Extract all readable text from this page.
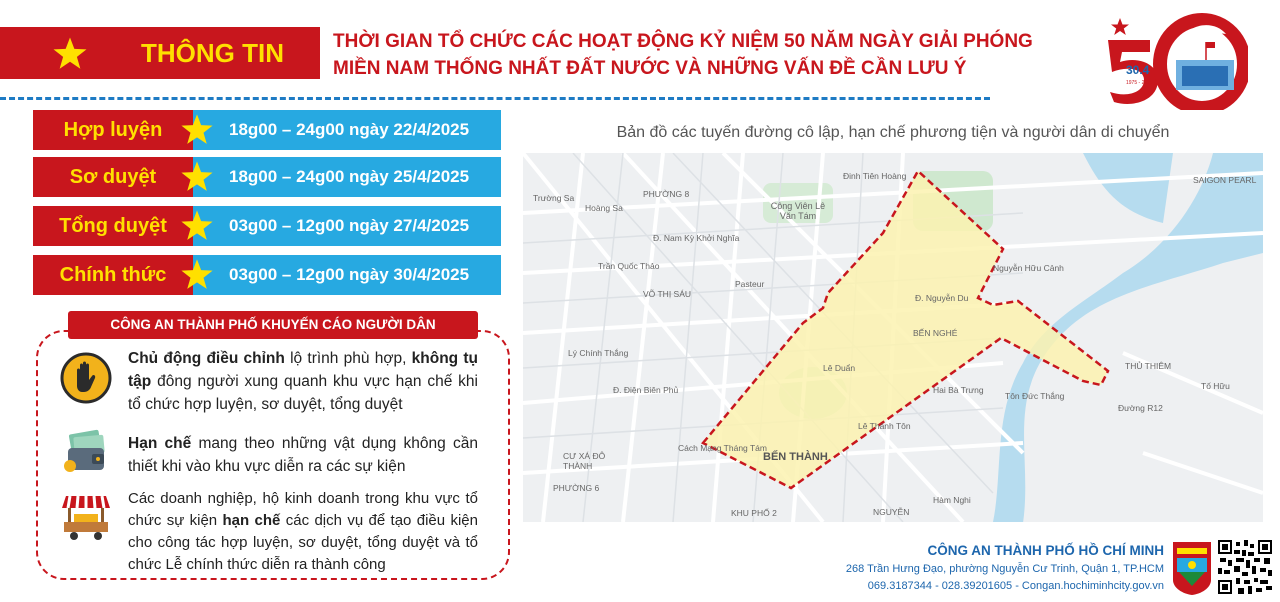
THÔNG TIN	THỜI GIAN TỔ CHỨC CÁC HOẠT ĐỘNG KỶ NIỆM 50 NĂM NGÀY GIẢI PHÓNG
MIỀN NAM THỐNG NHẤT ĐẤT NƯỚC VÀ NHỮNG VẤN ĐỀ CẦN LƯU Ý	30.4
1975 - 2025
Hợp luyện	18g00 – 24g00 ngày 22/4/2025
Sơ duyệt	18g00 – 24g00 ngày 25/4/2025
Tổng duyệt	03g00 – 12g00 ngày 27/4/2025
Chính thức	03g00 – 12g00 ngày 30/4/2025
CÔNG AN THÀNH PHỐ KHUYẾN CÁO NGƯỜI DÂN
Chủ động điều chỉnh lộ trình phù hợp, không tụ tập đông người xung quanh khu vực hạn chế khi tổ chức hợp luyện, sơ duyệt, tổng duyệt
Hạn chế mang theo những vật dụng không cần thiết khi vào khu vực diễn ra các sự kiện
Các doanh nghiệp, hộ kinh doanh trong khu vực tổ chức sự kiện hạn chế các dịch vụ để tạo điều kiện cho công tác hợp luyện, sơ duyệt, tổng duyệt và tổ chức Lễ chính thức diễn ra thành công
Bản đồ các tuyến đường cô lập, hạn chế phương tiện và người dân di chuyển
Công Viên Lê Văn Tám
BẾN THÀNH
BẾN NGHÉ
SAIGON PEARL
CƯ XÁ ĐÔ THÀNH
KHU PHỐ 2
Hàm Nghi
THỦ THIÊM
Đường R12
Tố Hữu
PHƯỜNG 8
NGUYỄN
Đinh Tiên Hoàng
Đ. Nam Kỳ Khởi Nghĩa
Trần Quốc Thảo
VÕ THỊ SÁU
Lý Chính Thắng
Đ. Điện Biên Phủ
Cách Mạng Tháng Tám
Lê Thánh Tôn
Tôn Đức Thắng
Nguyễn Hữu Cảnh
Trường Sa
Hoàng Sa
Pasteur
Hai Bà Trưng
Lê Duẩn
Đ. Nguyễn Du
PHƯỜNG 6
CÔNG AN THÀNH PHỐ HỒ CHÍ MINH
268 Trần Hưng Đạo, phường Nguyễn Cư Trinh, Quận 1, TP.HCM
069.3187344 - 028.39201605 - Congan.hochiminhcity.gov.vn
